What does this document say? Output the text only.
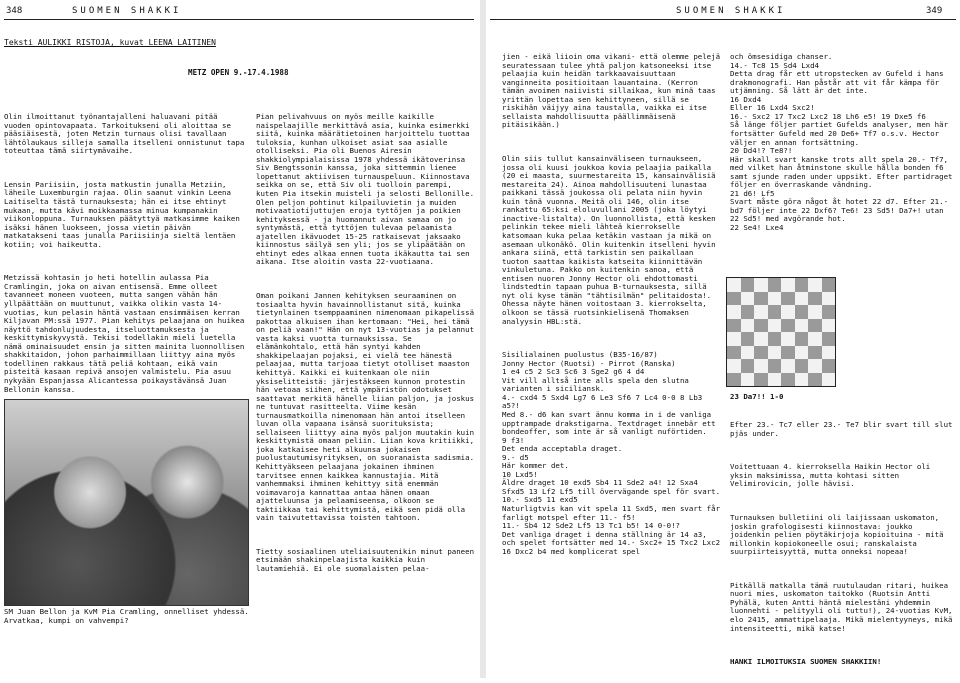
348	SUOMEN SHAKKI
Teksti AULIKKI RISTOJA, kuvat LEENA LAITINEN
METZ OPEN 9.-17.4.1988

Olin ilmoittanut työnantajalleni haluavani pitää vuoden opintovapaata. Tarkoitukseni oli aloittaa se pääsiäisestä, joten Metzin turnaus olisi tavallaan lähtölaukaus silleja samalla itselleni onnistunut tapa toteuttaa tämä siirtymävaihe.

Lensin Pariisiin, josta matkustin junalla Metziin, läheile Luxemburgin rajaa. Olin saanut vinkin Leena Laitiselta tästä turnauksesta; hän ei itse ehtinyt mukaan, mutta kävi moikkaamassa minua kumpanakin viikonloppuna. Turnauksen päätyttyä matkasimme kaiken isäksi hänen luokseen, jossa vietin päivän matkatakseni taas junalla Pariisiinja sieltä lentäen kotiin; voi haikeutta.

Metzissä kohtasin jo heti hotellin aulassa Pia Cramlingin, joka on aivan entisensä. Emme olleet tavanneet moneen vuoteen, mutta sangen vähän hän yllpäättään on muuttunut, vaikka olikin vasta 14-vuotias, kun pelasin häntä vastaan ensimmäisen kerran Kiljavan PM:ssä 1977. Pian kehitys pelaajana on huikea näyttö tahdonlujuudesta, itseluottamuksesta ja keskittymiskyvystä. Tekisi todellakin mieli luetella nämä ominaisuudet ensin ja sitten mainita luonnollisen shakkitaidon, johon parhaimmillaan liittyy aina myös todellinen rakkaus tätä peliä kohtaan, eikä vain pisteitä kasaan repivä ansojen valmistelu. Pia asuu nykyään Espanjassa Alicantessa poikaystävänsä Juan Bellonin kanssa.

SM Juan Bellon ja KvM Pia Cramling, onnelliset yhdessä. Arvatkaa, kumpi on vahvempi?

Pian pelivahvuus on myös meille kaikille naispelaajille merkittävä asia, kuinka esimerkki siitä, kuinka määrätietoinen harjoittelu tuottaa tuloksia, kunhan ulkoiset asiat saa asialle otolliseksi. Pia oli Buenos Airesin shakkiolympialaisissa 1978 yhdessä ikätoverinsa Siv Bengtssonin kanssa, joka sittemmin lienee lopettanut aktiivisen turnauspeluun. Kiinnostava seikka on se, että Siv oli tuolloin parempi, kuten Pia itsekin muisteli ja selosti Bellonille. Olen peljon pohtinut kilpailuvietin ja muiden motivaatiotijuttujen eroja tyttöjen ja poikien kehityksessä - ja huomannut aivan samaa on jo syntymästä, että tyttöjen tulevaa pelaamista ajatellen ikävuodet 15-25 ratkaisevat jaksaako kiinnostus säilyä sen yli; jos se ylipäätään on ehtinyt edes alkaa ennen tuota ikäkautta tai sen aikana. Itse aloitin vasta 22-vuotiaana.

Oman poikani Jannen kehityksen seuraaminen on tosiaalta hyvin havainnollistanut sitä, kuinka tietynlainen tsemppaaminen nimenomaan pikapelissä pakottaa alkuisen ihan kertomaan: "Hei, hei tämä on peliä vaan!" Hän on nyt 13-vuotias ja pelannut vasta kaksi vuotta turnauksissa. Se elämänkohtalo, että hän syntyi kahden shakkipelaajan pojaksi, ei vielä tee hänestä pelaajaa, mutta tarjoaa tietyt otolliset maaston kehittyä. Kaikki ei kuitenkaan ole niin yksiselitteistä: järjestäkseen kunnon protestin hän vetoaa siihen, että ympäristön odotukset saattavat merkitä hänelle liian paljon, ja joskus ne tuntuvat rasitteelta. Viime kesän turnausmatkoilla nimenomaan hän antoi itselleen luvan olla vapaana isänsä suorituksista; sellaiseen liittyy aina myös paljon muutakin kuin keskittymistä omaan peliin. Liian kova kritiikki, joka katkaisee heti alkuunsa jokaisen puolustautumisyrityksen, on suoranaista sadismia. Kehittyäkseen pelaajana jokainen ihminen tarvitsee ennen kaikkea kannustajia. Mitä vanhemmaksi ihminen kehittyy sitä enemmän voimavaroja kannattaa antaa hänen omaan ajatteluunsa ja pelaamiseensa, olkoon se taktiikkaa tai kehittymistä, eikä sen pidä olla vain taivutettavissa toisten tahtoon.

Tietty sosiaalinen uteliaisuutenikin minut paneen etsimään shakinpelaajista kaikkia kuin lautamiehiä. Ei ole suomalaisten pelaa-

SUOMEN SHAKKI	349

jien - eikä liioin oma vikani- että olemme pelejä seuratessaan tulee yhtä paljon katsoneeksi itse pelaajia kuin heidän tarkkaavaisuuttaan vanginneita positioitaan lauantaina. (Kerron tämän avoimen naiivisti sillaikaa, kun minä taas yrittän lopettaa sen kehittyneen, sillä se riskihän väijyy aina taustalla, vaikka ei itse sellaista mahdollisuutta päällimmäisenä pitäisikään.)

Olin siis tullut kansainväliseen turnaukseen, jossa oli kuusi joukkoa kovia pelaajia paikalla (20 ei maasta, suurmestareita 15, kansainvälisiä mestareita 24). Ainoa mahdollisuuteni lunastaa paikkani tässä joukossa oli pelata niin hyvin kuin tänä vuonna. Meitä oli 146, olin itse rankattu 65:ksi eloluvullani 2005 (joka löytyi inactive-listalta). On luonnollista, että kesken pelinkin tekee mieli lähteä kierrokselle katsomaan kuka pelaa ketäkin vastaan ja mikä on asemaan ulkonäkö. Olin kuitenkin itselleni hyvin ankara siinä, että tarkistin sen paikallaan tuoton saattaa kaikista katseita kiinnittävän vinkuletuna. Pakko on kuitenkin sanoa, että entisen nuoren Jonny Hector oli ehdottomasti lindstedtin tapaan puhua B-turnauksesta, sillä nyt oli kyse tämän "tähtisilmän" pelitaidosta!. Ohessa näyte hänen voitostaan 3. kierrokselta, olkoon se tässä ruotsinkielisenä Thomaksen analyysin HBL:stä.

Sisilialainen puolustus (B35-16/87)
Jonny Hector (Ruotsi) - Pirrot (Ranska)
1 e4 c5 2 Sc3 Sc6 3 Sge2 g6 4 d4
Vit vill alltså inte alls spela den slutna varianten i siciliansk.
4.- cxd4 5 Sxd4 Lg7 6 Le3 Sf6 7 Lc4 0-0 8 Lb3 a5?!
Med 8.- d6 kan svart ännu komma in i de vanliga upptrampade drakstigarna. Textdraget innebär ett bondeoffer, som inte är så vanligt nuförtiden.
9 f3!
Det enda acceptabla draget.
9.- d5
Här kommer det.
10 Lxd5!
Äldre draget 10 exd5 Sb4 11 Sde2 a4! 12 Sxa4 Sfxd5 13 Lf2 Lf5 till övervägande spel för svart.
10.- Sxd5 11 exd5
Naturligtvis kan vit spela 11 Sxd5, men svart får farligt motspel efter 11.- f5!
11.- Sb4 12 Sde2 Lf5 13 Tc1 b5! 14 0-0!?
Det vanliga draget i denna ställning är 14 a3, och spelet fortsätter med 14.- Sxc2+ 15 Txc2 Lxc2 16 Dxc2 b4 med komplicerat spel

och ömsesidiga chanser.
14.- Tc8 15 Sd4 Lxd4
Detta drag får ett utropstecken av Gufeld i hans drakmonografi. Han påstår att vit får kämpa för utjämning. Så lätt är det inte.
16 Dxd4
Eller 16 Lxd4 Sxc2!
16.- Sxc2 17 Txc2 Lxc2 18 Lh6 e5! 19 Dxe5 f6
Så länge följer partiet Gufelds analyser, men här fortsätter Gufeld med 20 De6+ Tf7 o.s.v. Hector väljer en annan fortsättning.
20 Dd4!? Te8?!
Här skall svart kanske trots allt spela 20.- Tf7, med vilket han åtminstone skulle hålla bonden f6 samt sjunde raden under uppsikt. Efter partidraget följer en överraskande vändning.
21 d6! Lf5
Svart måste göra något åt hotet 22 d7. Efter 21.- bd7 följer inte 22 Dxf6? Te6! 23 Sd5! Da7+! utan 22 Sd5! med avgörande hot.
22 Se4! Lxe4

23 Da7!! 1-0

Efter 23.- Tc7 eller 23.- Te7 blir svart till slut pjäs under.

Voitettuaan 4. kierroksella Haikin Hector oli yksin maksimissa, mutta kohtasi sitten Velimirovicin, jolle hävisi.

Turnauksen bulletiini oli laijissaan uskomaton, joskin grafologisesti kiinnostava: joukko joidenkin pelien pöytäkirjoja kopioituina - mitä millonkin kopiokoneelle osui; ranskalaista suurpiirteisyyttä, mutta onneksi nopeaa!

Pitkällä matkalla tämä ruutulaudan ritari, huikea nuori mies, uskomaton taitokko (Ruotsin Antti Pyhälä, kuten Antti häntä mielestäni yhdemmin luonnehti - pelityyli oli tuttu!), 24-vuotias KvM, elo 2415, ammattipelaaja. Mikä mielentyyneys, mikä intensiteetti, mikä katse!

HANKI ILMOITUKSIA SUOMEN SHAKKIIN!
